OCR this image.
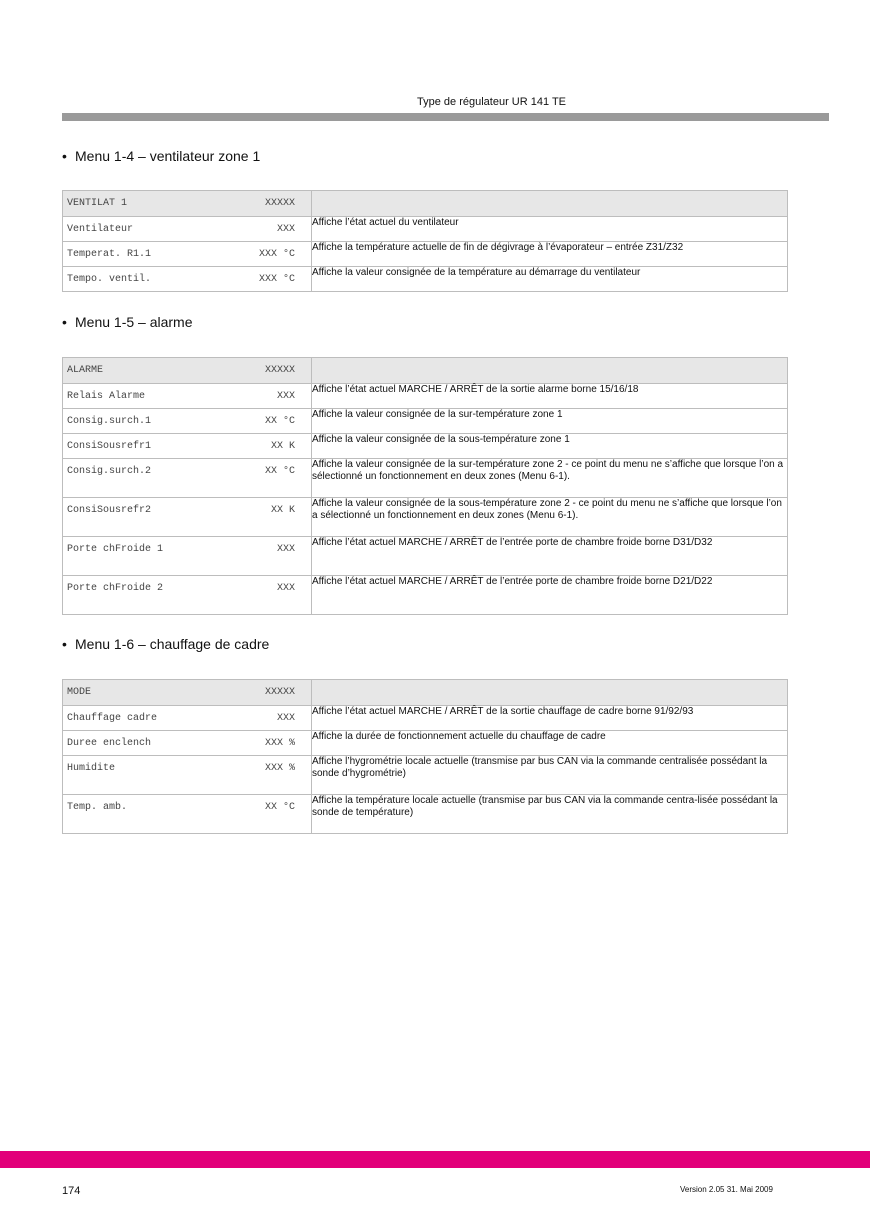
Type de régulateur UR 141 TE
• Menu 1-4 – ventilateur zone 1
VENTILAT 1 XXXXX	

Ventilateur XXX	Affiche l’état actuel du ventilateur

Temperat. R1.1 XXX °C	Affiche la température actuelle de fin de dégivrage à l’évaporateur – entrée Z31/Z32

Tempo. ventil. XXX °C	Affiche la valeur consignée de la température au démarrage du ventilateur
• Menu 1-5 – alarme
ALARME XXXXX	

Relais Alarme XXX	Affiche l’état actuel MARCHE / ARRÊT de la sortie alarme borne 15/16/18

Consig.surch.1 XX °C	Affiche la valeur consignée de la sur-température zone 1

ConsiSousrefr1 XX K	Affiche la valeur consignée de la sous-température zone 1

Consig.surch.2 XX °C	Affiche la valeur consignée de la sur-température zone 2 - ce point du menu ne s’affiche que lorsque l’on a sélectionné un fonctionnement en deux zones (Menu 6-1).

ConsiSousrefr2 XX K	Affiche la valeur consignée de la sous-température zone 2 - ce point du menu ne s’affiche que lorsque l’on a sélectionné un fonctionnement en deux zones (Menu 6-1).

Porte chFroide 1 XXX	Affiche l’état actuel MARCHE / ARRÊT de l’entrée porte de chambre froide borne D31/D32

Porte chFroide 2 XXX	Affiche l’état actuel MARCHE / ARRÊT de l’entrée porte de chambre froide borne D21/D22
• Menu 1-6 – chauffage de cadre
MODE XXXXX	

Chauffage cadre XXX	Affiche l’état actuel MARCHE / ARRÊT de la sortie chauffage de cadre borne 91/92/93

Duree enclench XXX %	Affiche la durée de fonctionnement actuelle du chauffage de cadre

Humidite XXX %	Affiche l’hygrométrie locale actuelle (transmise par bus CAN via la commande centralisée possédant la sonde d’hygrométrie)

Temp. amb. XX °C	Affiche la température locale actuelle (transmise par bus CAN via la commande centra-lisée possédant la sonde de température)
174	Version 2.05 31. Mai 2009
